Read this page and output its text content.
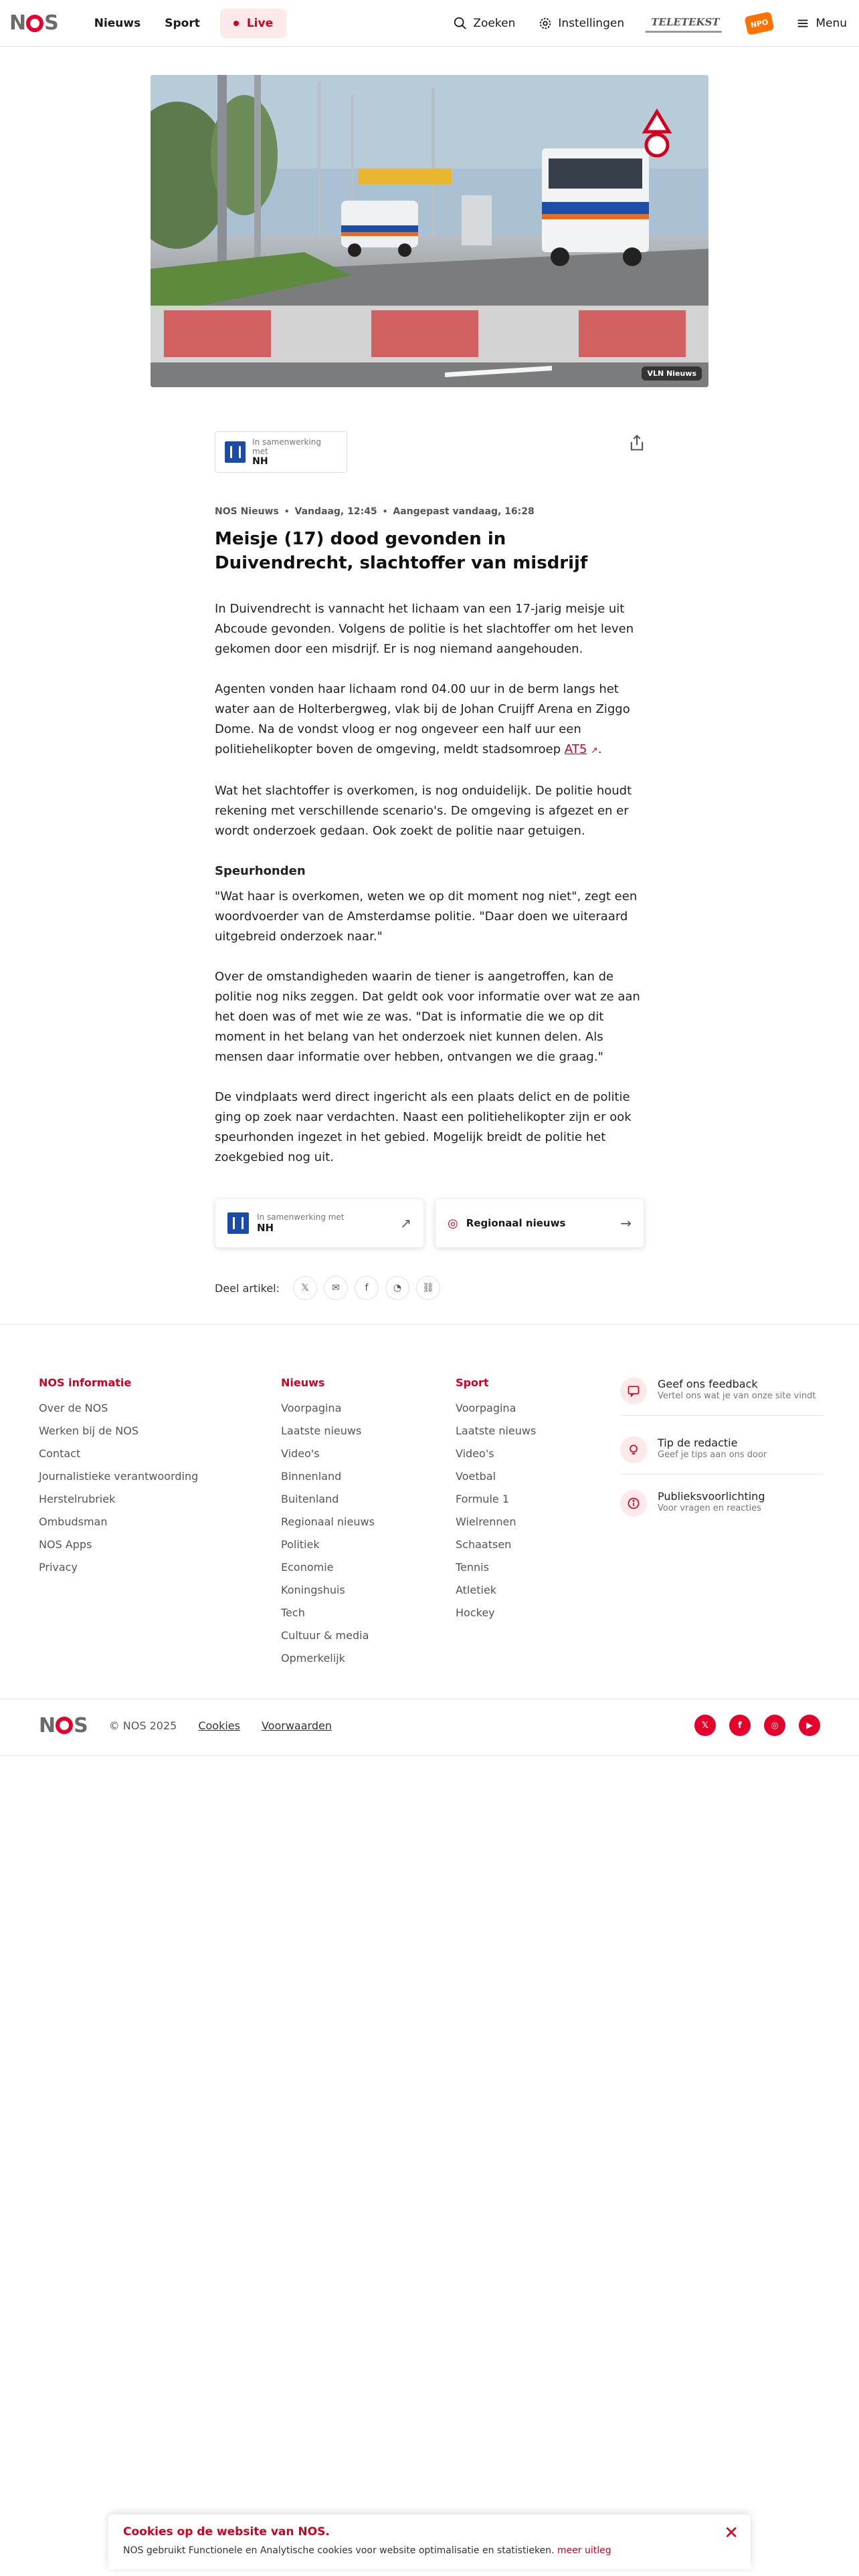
N S	Nieuws	Sport	Live	Zoeken	Instellingen	TELETEKST	NPO	Menu
VLN Nieuws
In samenwerking met
NH
NOS Nieuws • Vandaag, 12:45 • Aangepast vandaag, 16:28
Meisje (17) dood gevonden in Duivendrecht, slachtoffer van misdrijf

In Duivendrecht is vannacht het lichaam van een 17-jarig meisje uit Abcoude gevonden. Volgens de politie is het slachtoffer om het leven gekomen door een misdrijf. Er is nog niemand aangehouden.

Agenten vonden haar lichaam rond 04.00 uur in de berm langs het water aan de Holterbergweg, vlak bij de Johan Cruijff Arena en Ziggo Dome. Na de vondst vloog er nog ongeveer een half uur een politiehelikopter boven de omgeving, meldt stadsomroep AT5 ↗.

Wat het slachtoffer is overkomen, is nog onduidelijk. De politie houdt rekening met verschillende scenario's. De omgeving is afgezet en er wordt onderzoek gedaan. Ook zoekt de politie naar getuigen.

Speurhonden

"Wat haar is overkomen, weten we op dit moment nog niet", zegt een woordvoerder van de Amsterdamse politie. "Daar doen we uiteraard uitgebreid onderzoek naar."

Over de omstandigheden waarin de tiener is aangetroffen, kan de politie nog niks zeggen. Dat geldt ook voor informatie over wat ze aan het doen was of met wie ze was. "Dat is informatie die we op dit moment in het belang van het onderzoek niet kunnen delen. Als mensen daar informatie over hebben, ontvangen we die graag."

De vindplaats werd direct ingericht als een plaats delict en de politie ging op zoek naar verdachten. Naast een politiehelikopter zijn er ook speurhonden ingezet in het gebied. Mogelijk breidt de politie het zoekgebied nog uit.

In samenwerking met
NH	↗	◎ Regionaal nieuws	→
Deel artikel:	𝕏	✉	f	◔	⛓
NOS informatie
Over de NOS
Werken bij de NOS
Contact
Journalistieke verantwoording
Herstelrubriek
Ombudsman
NOS Apps
Privacy
Nieuws
Voorpagina
Laatste nieuws
Video's
Binnenland
Buitenland
Regionaal nieuws
Politiek
Economie
Koningshuis
Tech
Cultuur & media
Opmerkelijk
Sport
Voorpagina
Laatste nieuws
Video's
Voetbal
Formule 1
Wielrennen
Schaatsen
Tennis
Atletiek
Hockey
Geef ons feedback
Vertel ons wat je van onze site vindt
Tip de redactie
Geef je tips aan ons door
Publieksvoorlichting
Voor vragen en reacties
N S © NOS 2025 Cookies Voorwaarden	𝕏	f	◎	▶
Cookies op de website van NOS.
NOS gebruikt Functionele en Analytische cookies voor website optimalisatie en statistieken. meer uitleg
✕
